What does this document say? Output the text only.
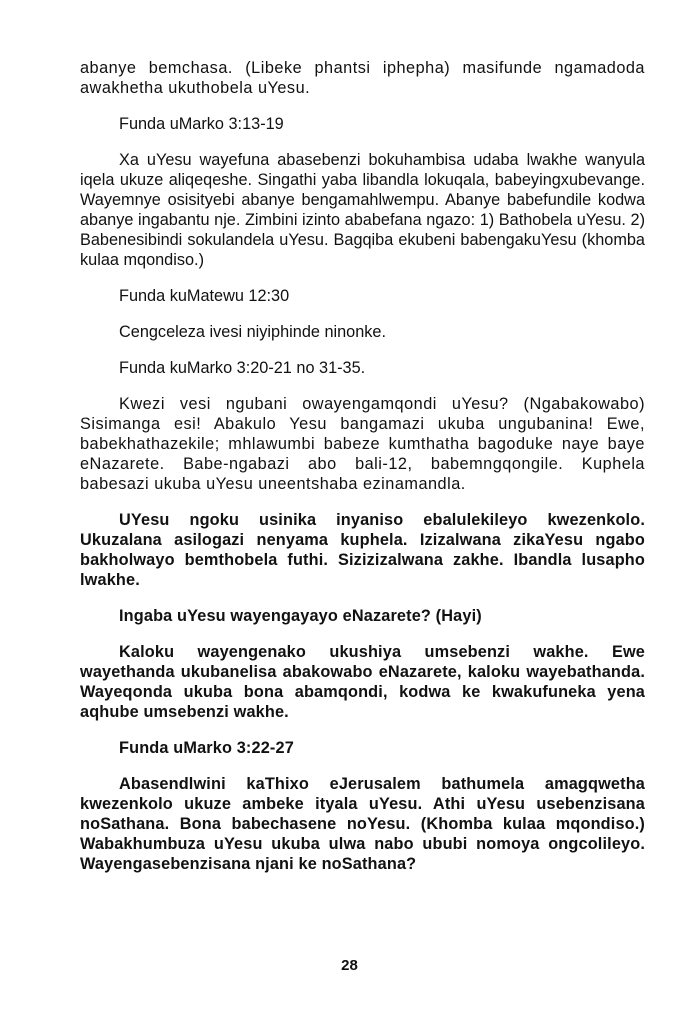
abanye bemchasa. (Libeke phantsi iphepha) masifunde ngamadoda awakhetha ukuthobela uYesu.

Funda uMarko 3:13-19

Xa uYesu wayefuna abasebenzi bokuhambisa udaba lwakhe wanyula iqela ukuze aliqeqeshe. Singathi yaba libandla lokuqala, babeyingxubevange. Wayemnye osisityebi abanye bengamahlwempu. Abanye babefundile kodwa abanye ingabantu nje. Zimbini izinto ababefana ngazo: 1) Bathobela uYesu. 2) Babenesibindi sokulandela uYesu. Bagqiba ekubeni babengakuYesu (khomba kulaa mqondiso.)

Funda kuMatewu 12:30

Cengceleza ivesi niyiphinde ninonke.

Funda kuMarko 3:20-21 no 31-35.

Kwezi vesi ngubani owayengamqondi uYesu? (Ngabakowabo) Sisimanga esi! Abakulo Yesu bangamazi ukuba ungubanina! Ewe, babekhathazekile; mhlawumbi babeze kumthatha bagoduke naye baye eNazarete. Babe-ngabazi abo bali-12, babemngqongile. Kuphela babesazi ukuba uYesu uneentshaba ezinamandla.

UYesu ngoku usinika inyaniso ebalulekileyo kwezenkolo. Ukuzalana asilogazi nenyama kuphela. Izizalwana zikaYesu ngabo bakholwayo bemthobela futhi. Sizizizalwana zakhe. Ibandla lusapho lwakhe.

Ingaba uYesu wayengayayo eNazarete? (Hayi)

Kaloku wayengenako ukushiya umsebenzi wakhe. Ewe wayethanda ukubanelisa abakowabo eNazarete, kaloku wayebathanda. Wayeqonda ukuba bona abamqondi, kodwa ke kwakufuneka yena aqhube umsebenzi wakhe.

Funda uMarko 3:22-27

Abasendlwini kaThixo eJerusalem bathumela amagqwetha kwezenkolo ukuze ambeke ityala uYesu. Athi uYesu usebenzisana noSathana. Bona babechasene noYesu. (Khomba kulaa mqondiso.) Wabakhumbuza uYesu ukuba ulwa nabo ububi nomoya ongcolileyo. Wayengasebenzisana njani ke noSathana?

28
